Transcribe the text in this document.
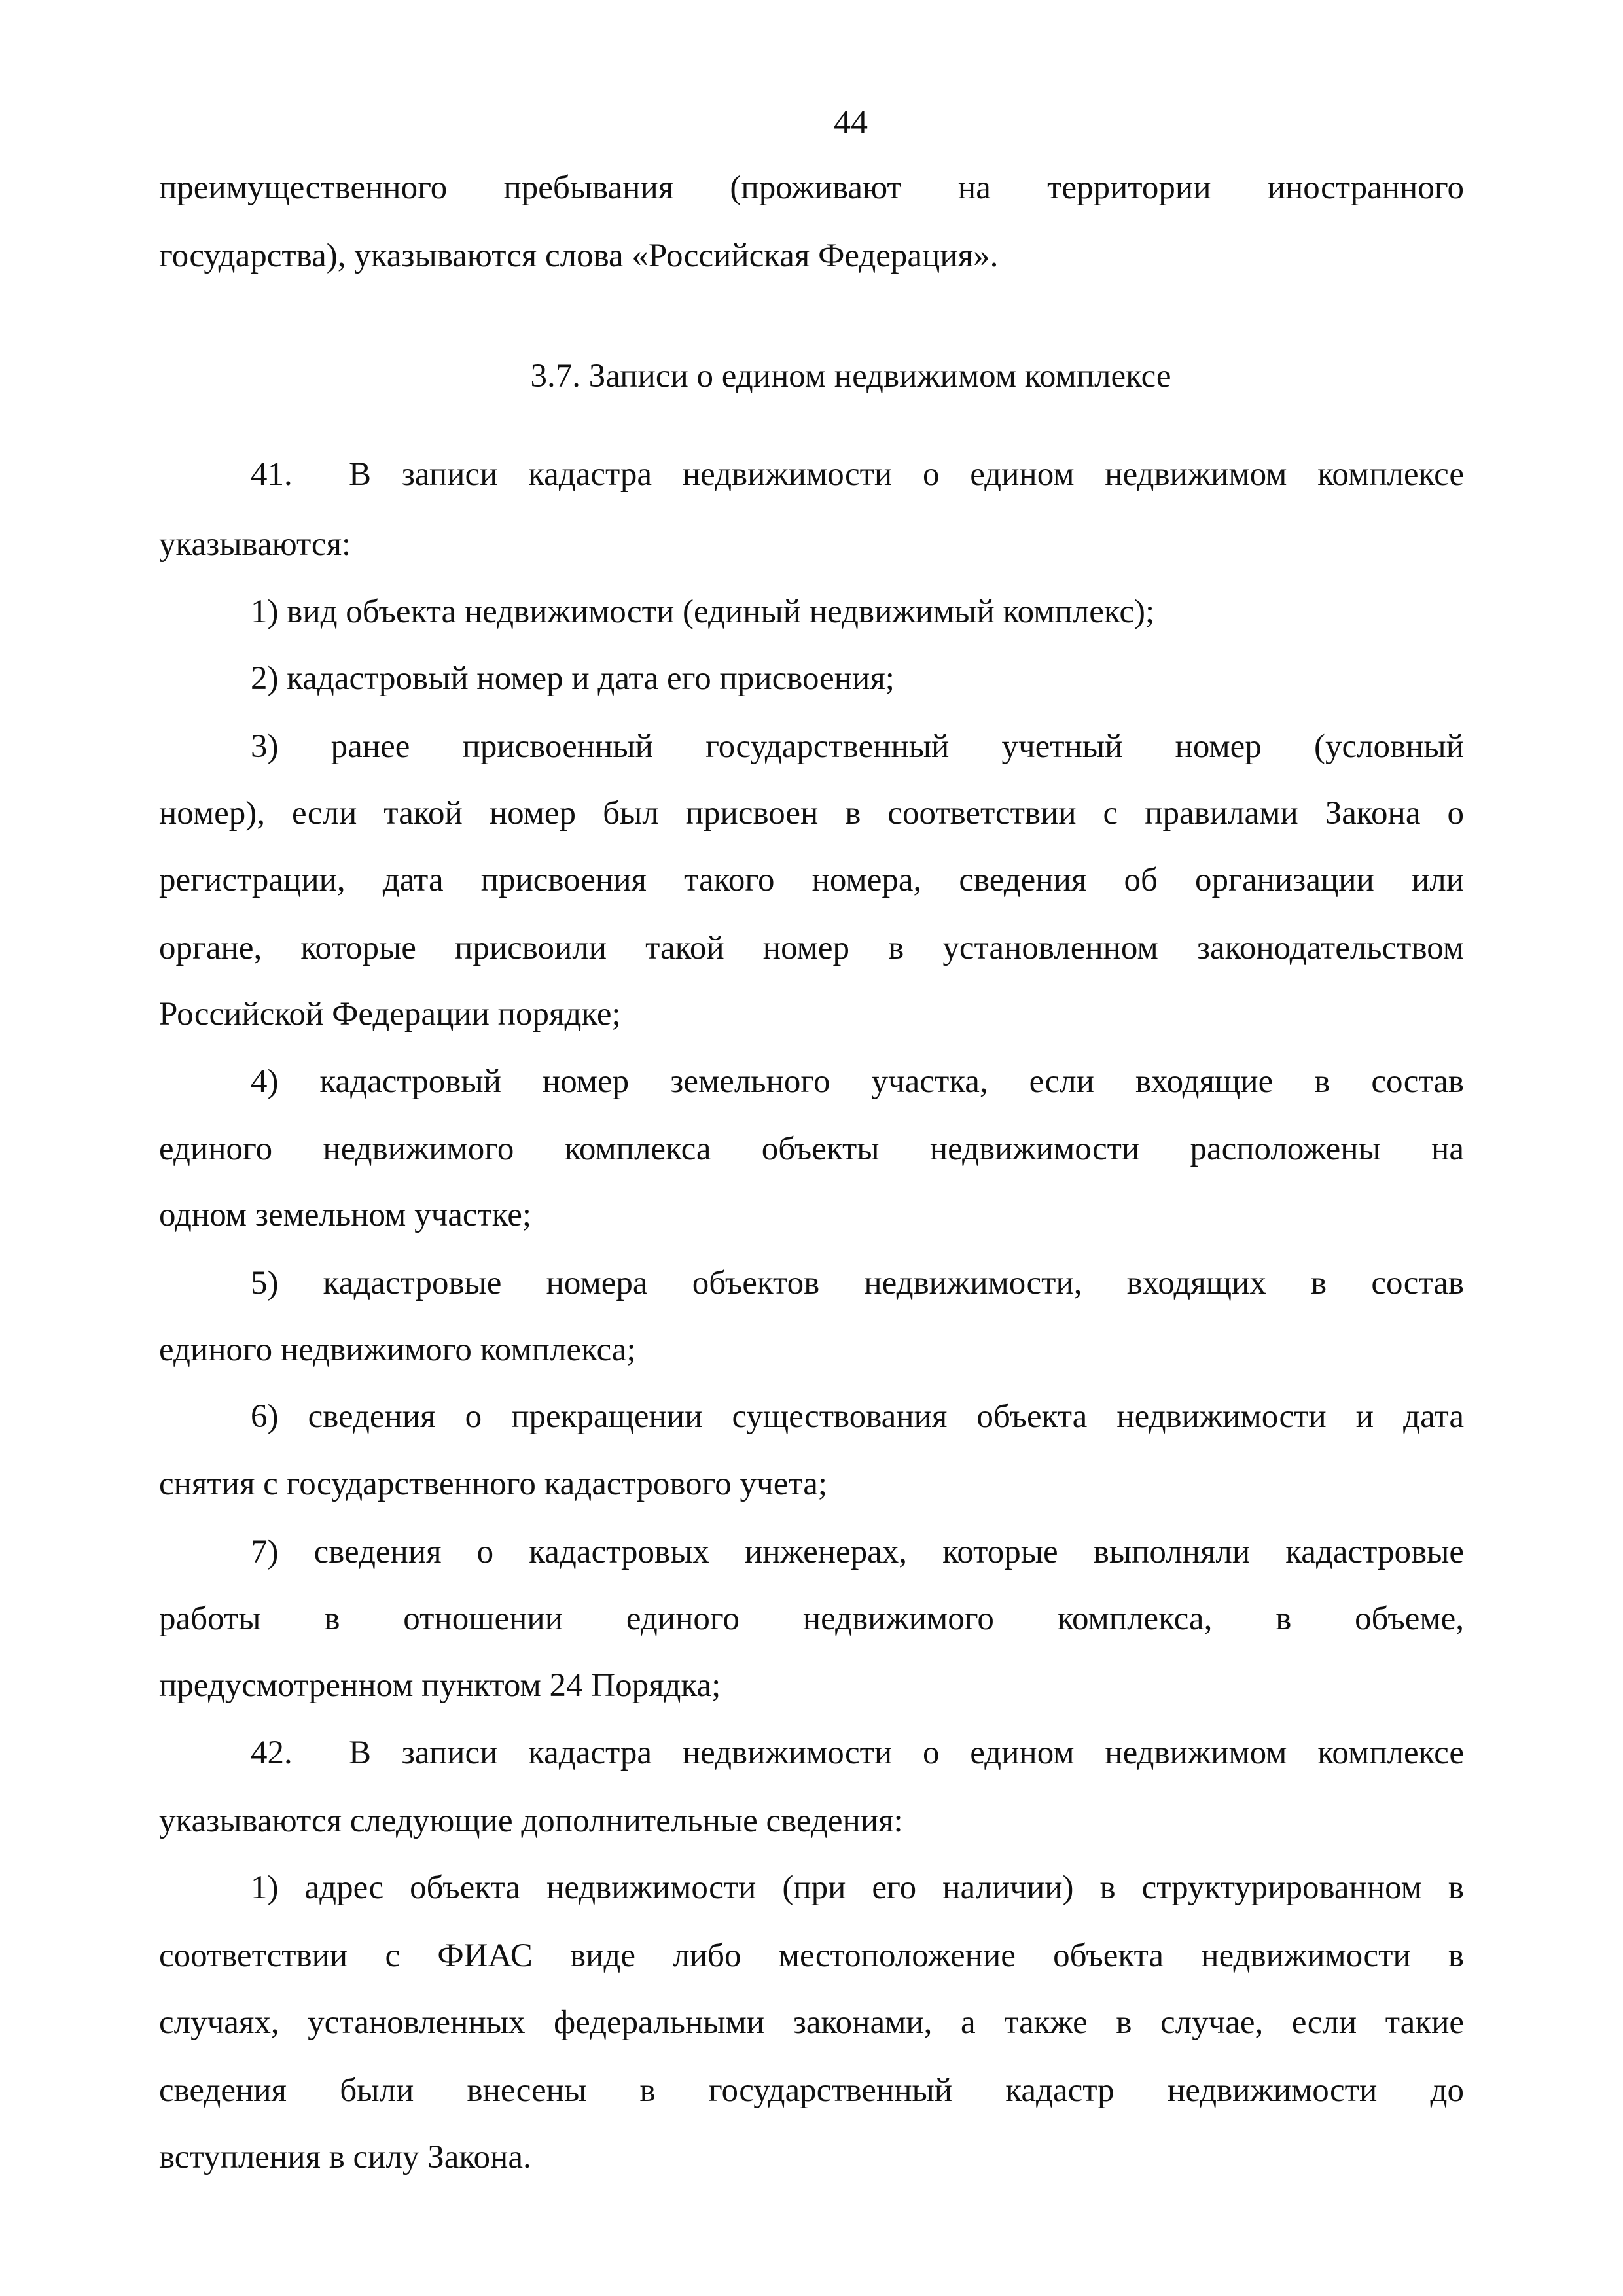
44
преимущественного пребывания (проживают на территории иностранного
государства), указываются слова «Российская Федерация».
3.7. Записи о едином недвижимом комплексе
41. В записи кадастра недвижимости о едином недвижимом комплексе
указываются:
1) вид объекта недвижимости (единый недвижимый комплекс);
2) кадастровый номер и дата его присвоения;
3) ранее присвоенный государственный учетный номер (условный
номер), если такой номер был присвоен в соответствии с правилами Закона о
регистрации, дата присвоения такого номера, сведения об организации или
органе, которые присвоили такой номер в установленном законодательством
Российской Федерации порядке;
4) кадастровый номер земельного участка, если входящие в состав
единого недвижимого комплекса объекты недвижимости расположены на
одном земельном участке;
5) кадастровые номера объектов недвижимости, входящих в состав
единого недвижимого комплекса;
6) сведения о прекращении существования объекта недвижимости и дата
снятия с государственного кадастрового учета;
7) сведения о кадастровых инженерах, которые выполняли кадастровые
работы в отношении единого недвижимого комплекса, в объеме,
предусмотренном пунктом 24 Порядка;
42. В записи кадастра недвижимости о едином недвижимом комплексе
указываются следующие дополнительные сведения:
1) адрес объекта недвижимости (при его наличии) в структурированном в
соответствии с ФИАС виде либо местоположение объекта недвижимости в
случаях, установленных федеральными законами, а также в случае, если такие
сведения были внесены в государственный кадастр недвижимости до
вступления в силу Закона.
